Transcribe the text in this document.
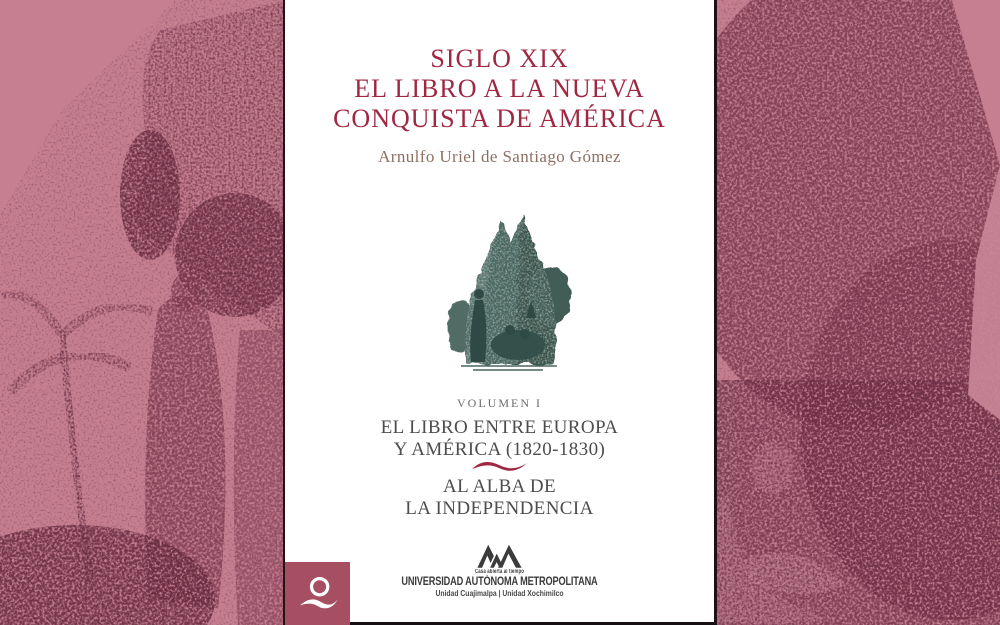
SIGLO XIX
EL LIBRO A LA NUEVA
CONQUISTA DE AMÉRICA
Arnulfo Uriel de Santiago Gómez
VOLUMEN I
EL LIBRO ENTRE EUROPA
Y AMÉRICA (1820-1830)
AL ALBA DE
LA INDEPENDENCIA
Casa abierta al tiempo
UNIVERSIDAD AUTÓNOMA METROPOLITANA
Unidad Cuajimalpa | Unidad Xochimilco
